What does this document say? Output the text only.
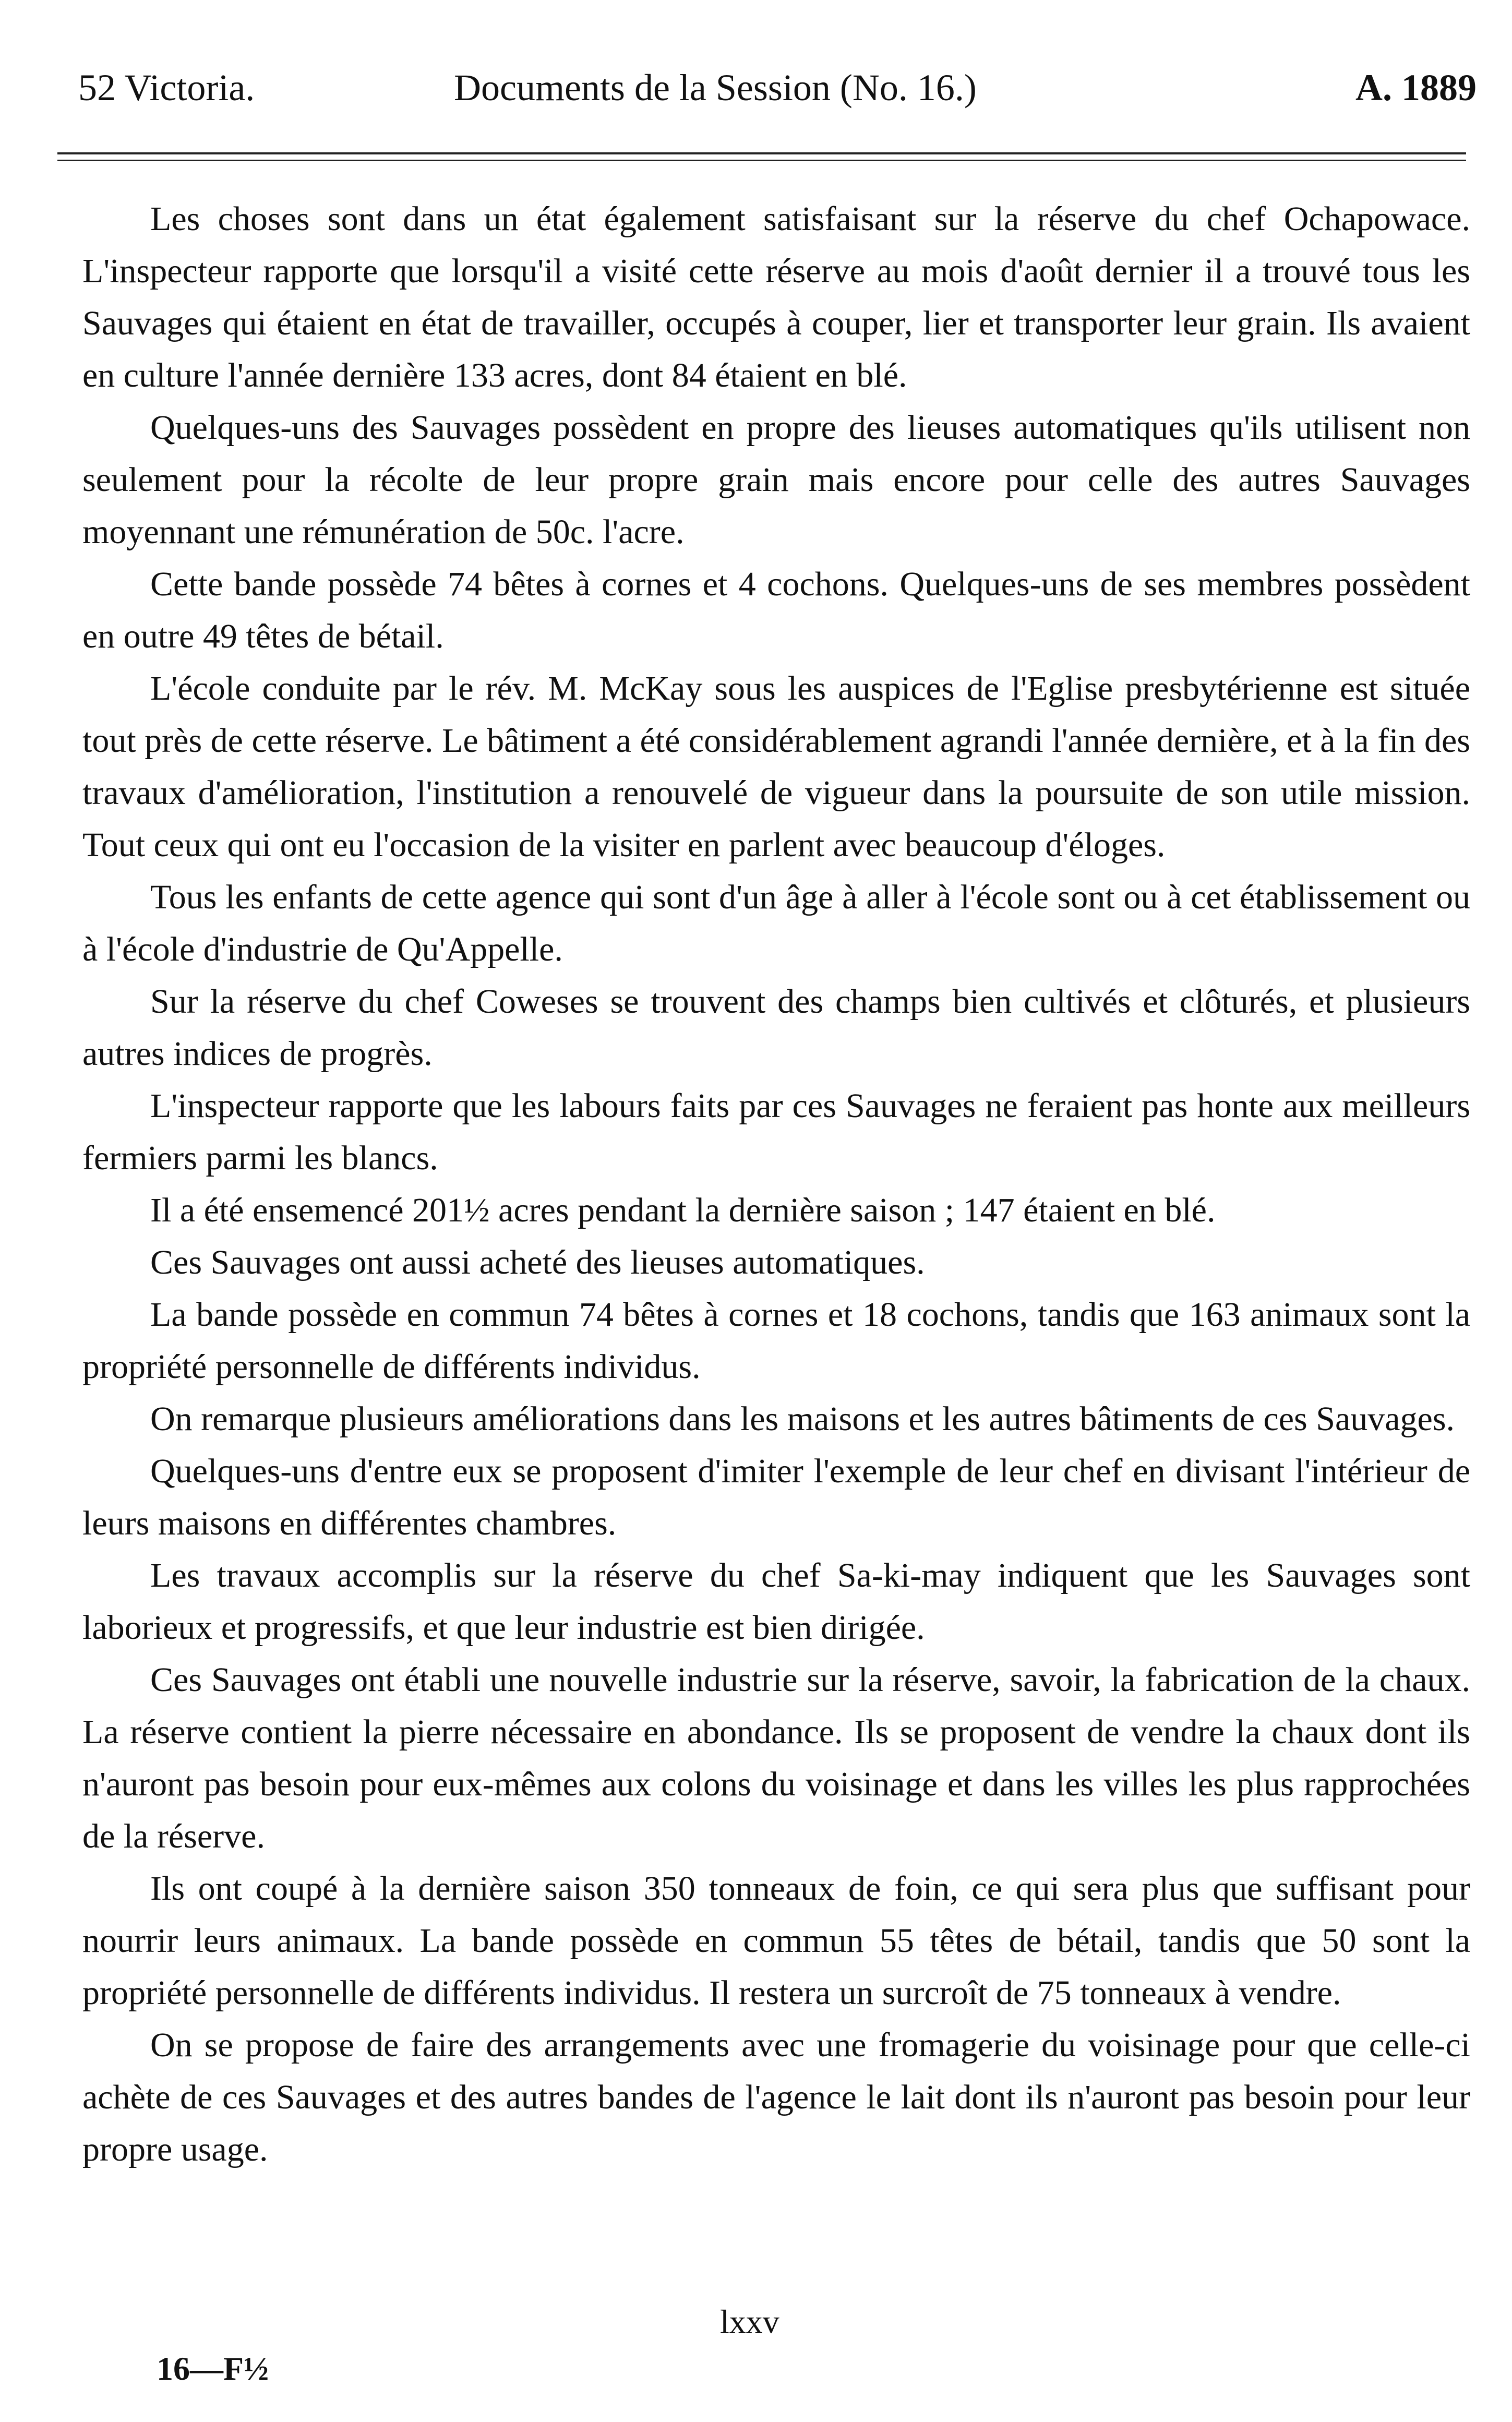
52 Victoria.	Documents de la Session (No. 16.)	A. 1889

Les choses sont dans un état également satisfaisant sur la réserve du chef Ochapowace. L'inspecteur rapporte que lorsqu'il a visité cette réserve au mois d'août dernier il a trouvé tous les Sauvages qui étaient en état de travailler, occupés à couper, lier et transporter leur grain. Ils avaient en culture l'année dernière 133 acres, dont 84 étaient en blé.

Quelques-uns des Sauvages possèdent en propre des lieuses automatiques qu'ils utilisent non seulement pour la récolte de leur propre grain mais encore pour celle des autres Sauvages moyennant une rémunération de 50c. l'acre.

Cette bande possède 74 bêtes à cornes et 4 cochons. Quelques-uns de ses membres possèdent en outre 49 têtes de bétail.

L'école conduite par le rév. M. McKay sous les auspices de l'Eglise presbytérienne est située tout près de cette réserve. Le bâtiment a été considérablement agrandi l'année dernière, et à la fin des travaux d'amélioration, l'institution a renouvelé de vigueur dans la poursuite de son utile mission. Tout ceux qui ont eu l'occasion de la visiter en parlent avec beaucoup d'éloges.

Tous les enfants de cette agence qui sont d'un âge à aller à l'école sont ou à cet établissement ou à l'école d'industrie de Qu'Appelle.

Sur la réserve du chef Coweses se trouvent des champs bien cultivés et clôturés, et plusieurs autres indices de progrès.

L'inspecteur rapporte que les labours faits par ces Sauvages ne feraient pas honte aux meilleurs fermiers parmi les blancs.

Il a été ensemencé 201½ acres pendant la dernière saison ; 147 étaient en blé.

Ces Sauvages ont aussi acheté des lieuses automatiques.

La bande possède en commun 74 bêtes à cornes et 18 cochons, tandis que 163 animaux sont la propriété personnelle de différents individus.

On remarque plusieurs améliorations dans les maisons et les autres bâtiments de ces Sauvages.

Quelques-uns d'entre eux se proposent d'imiter l'exemple de leur chef en divisant l'intérieur de leurs maisons en différentes chambres.

Les travaux accomplis sur la réserve du chef Sa-ki-may indiquent que les Sauvages sont laborieux et progressifs, et que leur industrie est bien dirigée.

Ces Sauvages ont établi une nouvelle industrie sur la réserve, savoir, la fabrication de la chaux. La réserve contient la pierre nécessaire en abondance. Ils se proposent de vendre la chaux dont ils n'auront pas besoin pour eux-mêmes aux colons du voisinage et dans les villes les plus rapprochées de la réserve.

Ils ont coupé à la dernière saison 350 tonneaux de foin, ce qui sera plus que suffisant pour nourrir leurs animaux. La bande possède en commun 55 têtes de bétail, tandis que 50 sont la propriété personnelle de différents individus. Il restera un surcroît de 75 tonneaux à vendre.

On se propose de faire des arrangements avec une fromagerie du voisinage pour que celle-ci achète de ces Sauvages et des autres bandes de l'agence le lait dont ils n'auront pas besoin pour leur propre usage.

lxxv
16—F½
